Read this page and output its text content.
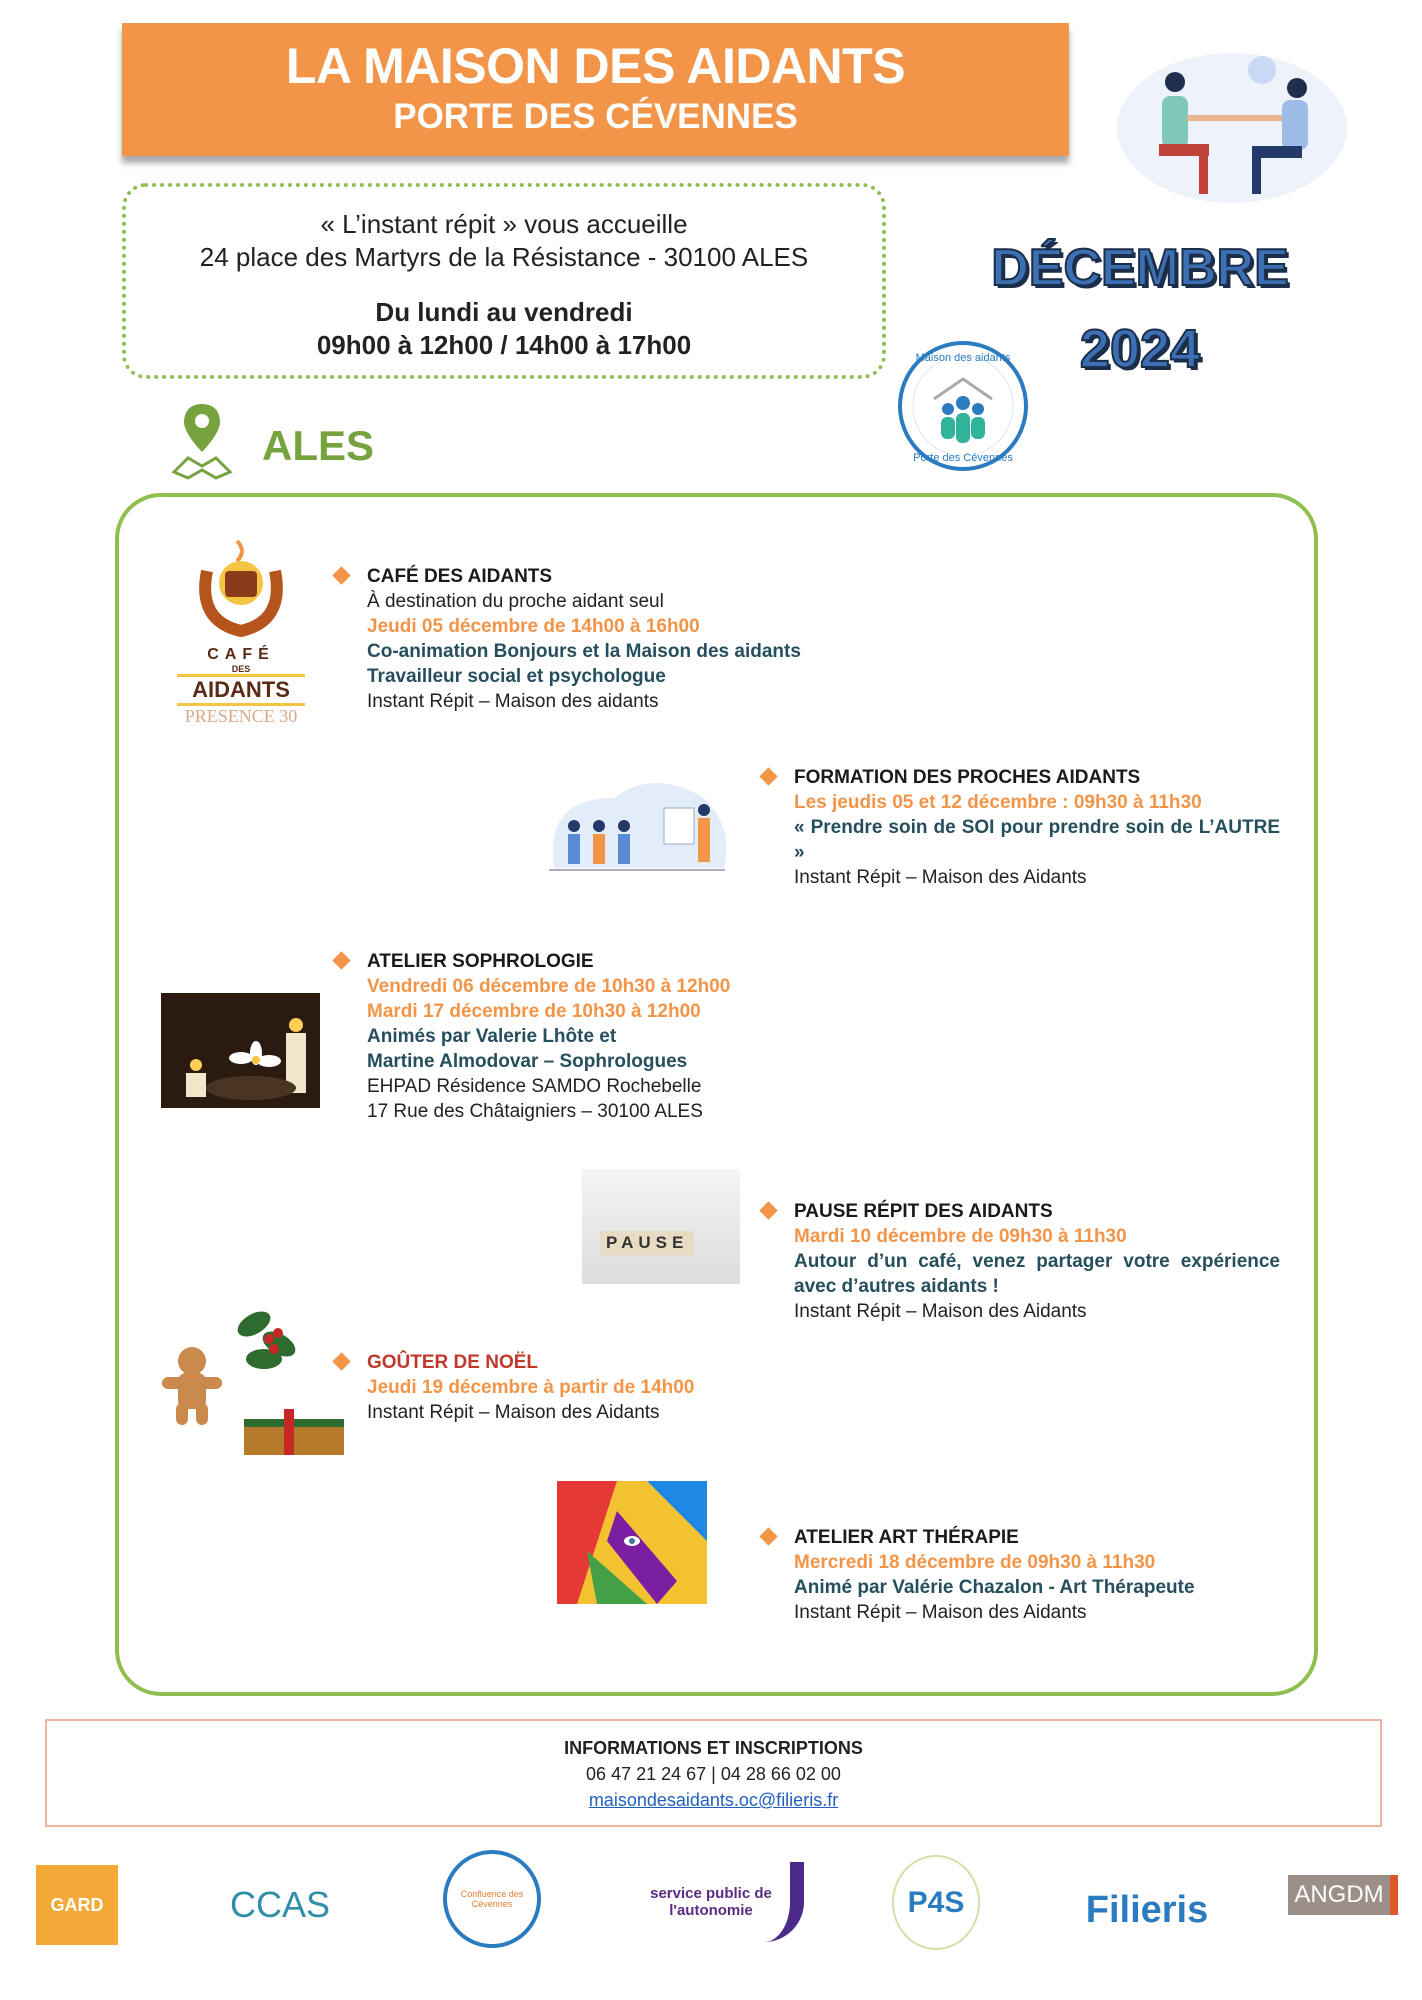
LA MAISON DES AIDANTS
PORTE DES CÉVENNES
« L’instant répit » vous accueille
24 place des Martyrs de la Résistance - 30100 ALES
Du lundi au vendredi
09h00 à 12h00 / 14h00 à 17h00
DÉCEMBRE
2024
Maison des aidants
Porte des Cévennes
ALES
CAFÉ
DES
AIDANTS
PRESENCE 30
CAFÉ DES AIDANTS
À destination du proche aidant seul
Jeudi 05 décembre de 14h00 à 16h00
Co-animation Bonjours et la Maison des aidants
Travailleur social et psychologue
Instant Répit – Maison des aidants
FORMATION DES PROCHES AIDANTS
Les jeudis 05 et 12 décembre : 09h30 à 11h30
« Prendre soin de SOI pour prendre soin de L’AUTRE »
Instant Répit – Maison des Aidants
ATELIER SOPHROLOGIE
Vendredi 06 décembre de 10h30 à 12h00
Mardi 17 décembre de 10h30 à 12h00
Animés par Valerie Lhôte et
Martine Almodovar – Sophrologues
EHPAD Résidence SAMDO Rochebelle
17 Rue des Châtaigniers – 30100 ALES
PAUSE
PAUSE RÉPIT DES AIDANTS
Mardi 10 décembre de 09h30 à 11h30
Autour d’un café, venez partager votre expérience avec d’autres aidants !
Instant Répit – Maison des Aidants
GOÛTER DE NOËL
Jeudi 19 décembre à partir de 14h00
Instant Répit – Maison des Aidants
ATELIER ART THÉRAPIE
Mercredi 18 décembre de 09h30 à 11h30
Animé par Valérie Chazalon - Art Thérapeute
Instant Répit – Maison des Aidants
INFORMATIONS ET INSCRIPTIONS
06 47 21 24 67 | 04 28 66 02 00
maisondesaidants.oc@filieris.fr
GARD	CCAS	Confluence des Cévennes
service public de l'autonomie	P4S	Filieris	ANGDM
